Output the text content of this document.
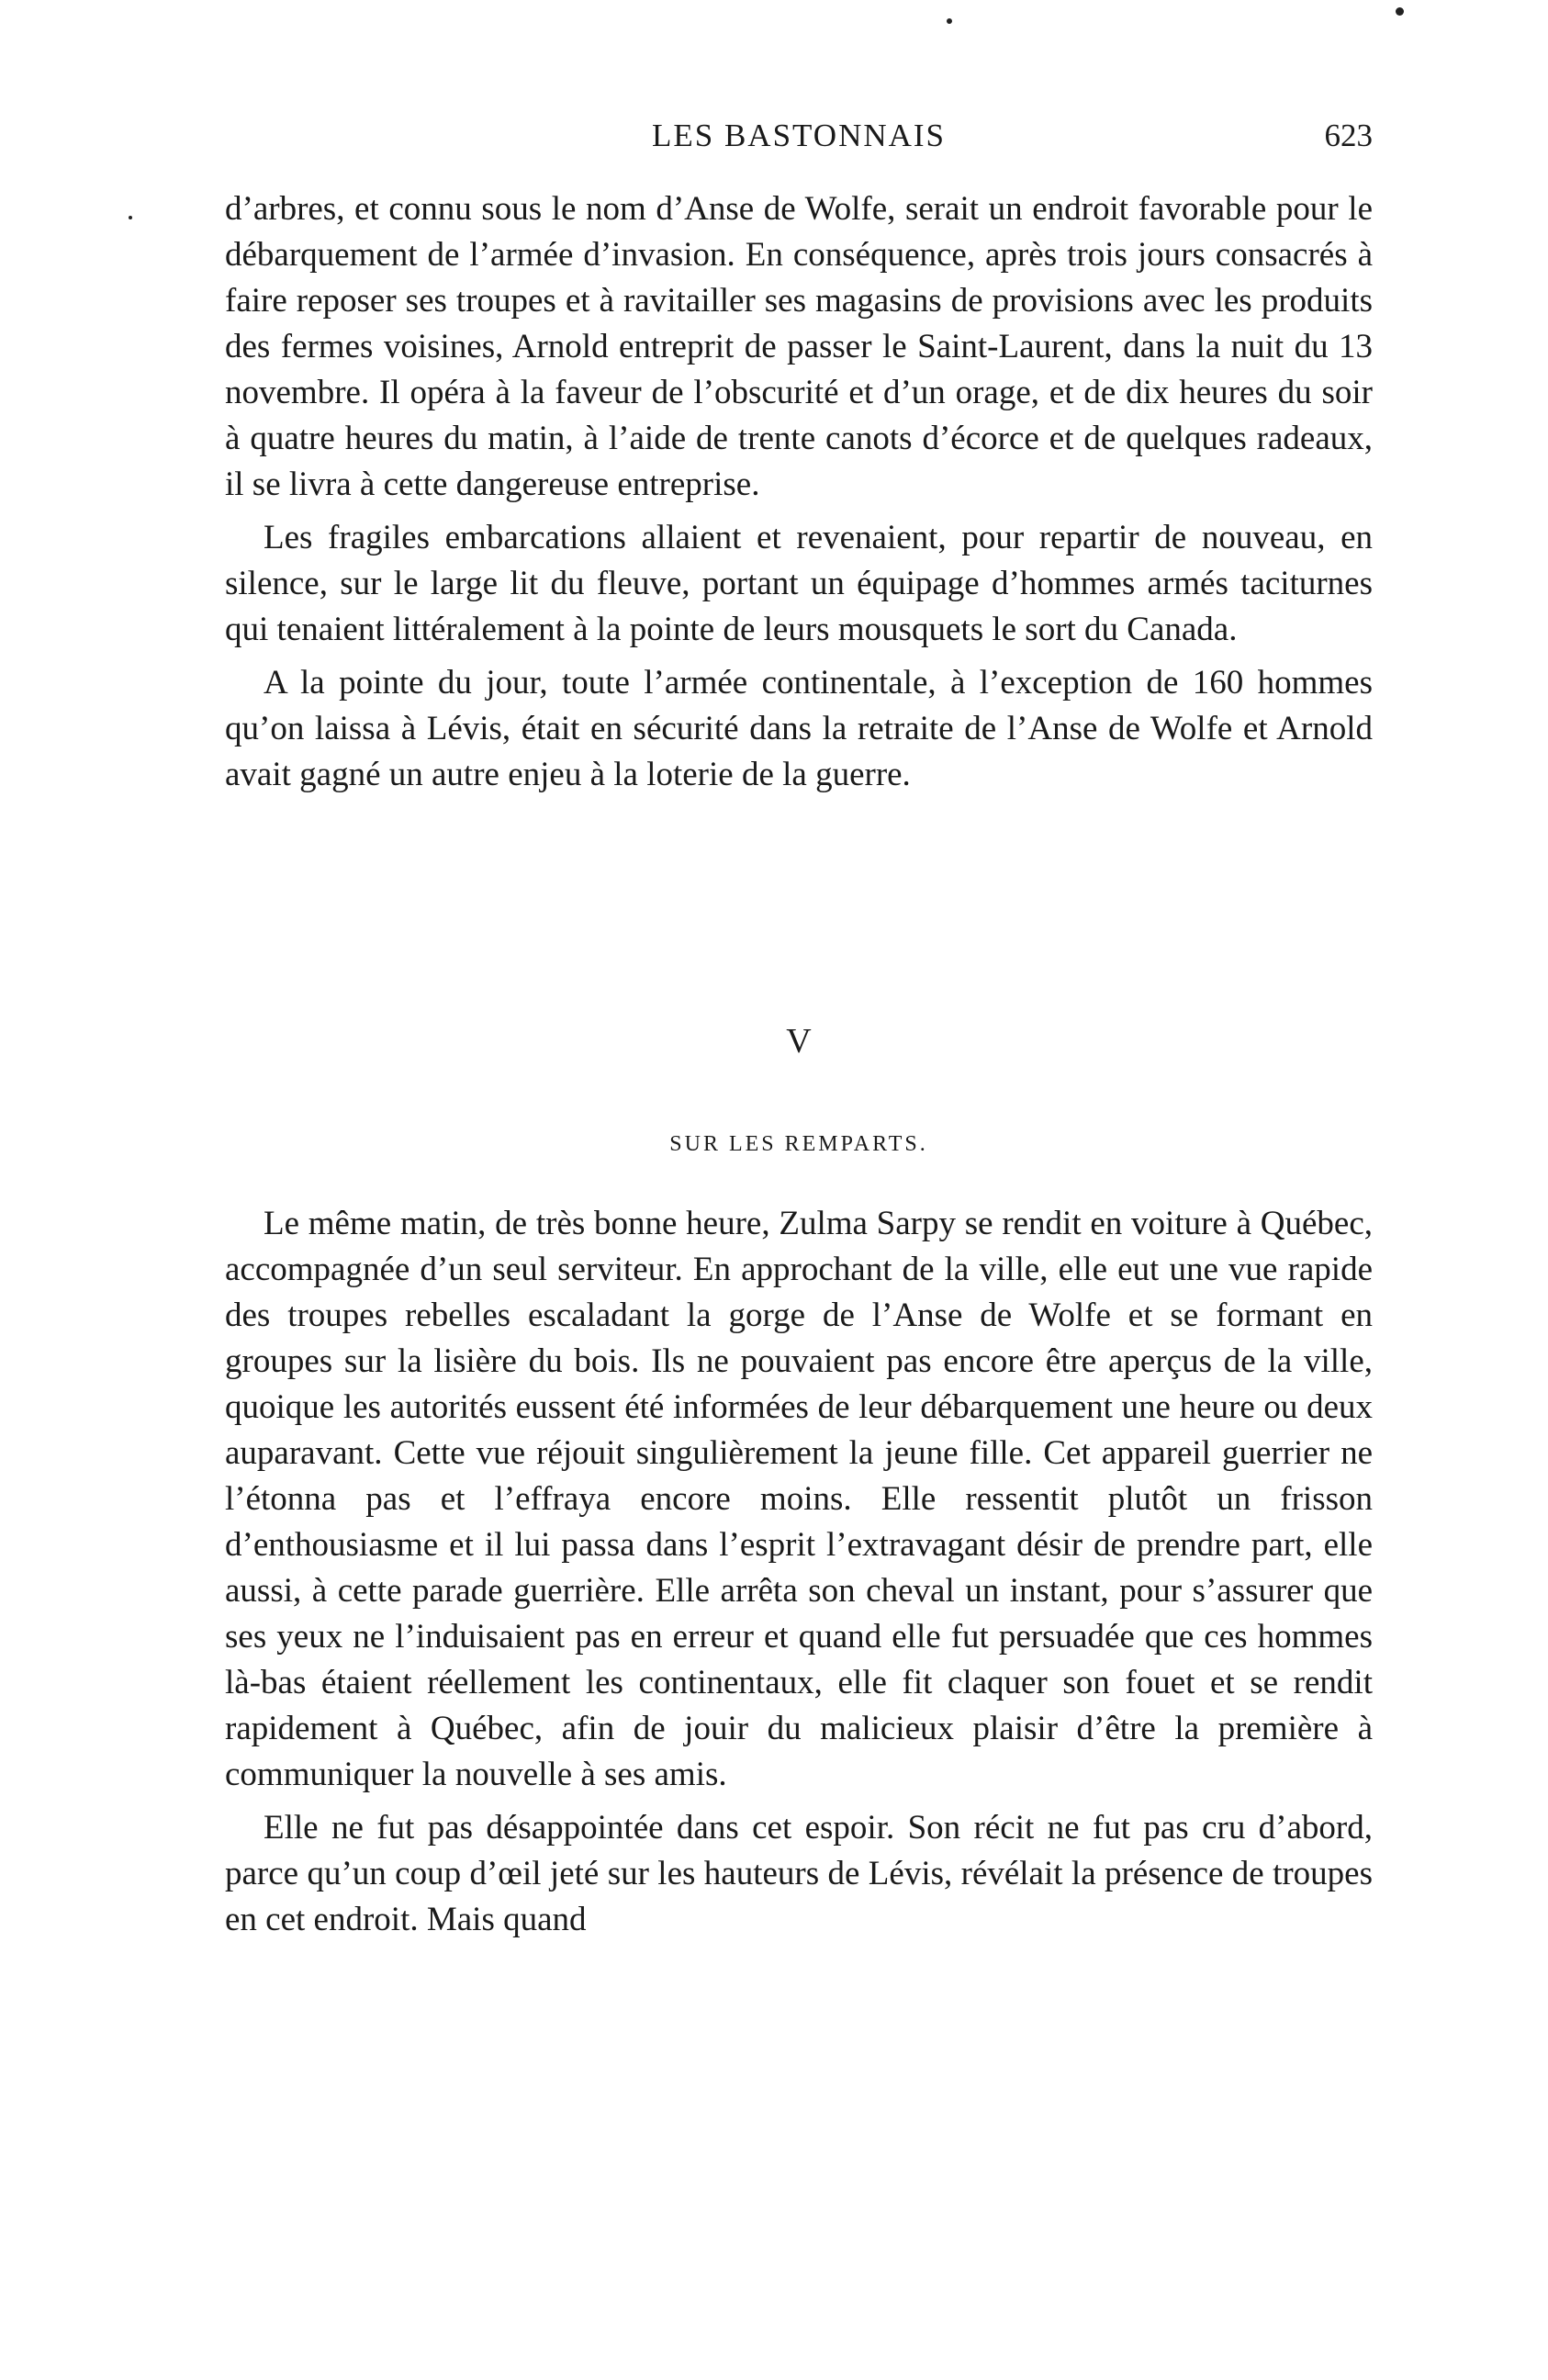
LES BASTONNAIS	623

d’arbres, et connu sous le nom d’Anse de Wolfe, serait un endroit favorable pour le débarquement de l’armée d’invasion. En conséquence, après trois jours consacrés à faire reposer ses troupes et à ravitailler ses magasins de provisions avec les produits des fermes voisines, Arnold entreprit de passer le Saint-Laurent, dans la nuit du 13 novembre. Il opéra à la faveur de l’obscurité et d’un orage, et de dix heures du soir à quatre heures du matin, à l’aide de trente canots d’écorce et de quelques radeaux, il se livra à cette dangereuse entreprise.

Les fragiles embarcations allaient et revenaient, pour repartir de nouveau, en silence, sur le large lit du fleuve, portant un équipage d’hommes armés taciturnes qui tenaient littéralement à la pointe de leurs mousquets le sort du Canada.

A la pointe du jour, toute l’armée continentale, à l’exception de 160 hommes qu’on laissa à Lévis, était en sécurité dans la retraite de l’Anse de Wolfe et Arnold avait gagné un autre enjeu à la loterie de la guerre.

V
SUR LES REMPARTS.

Le même matin, de très bonne heure, Zulma Sarpy se rendit en voiture à Québec, accompagnée d’un seul serviteur. En approchant de la ville, elle eut une vue rapide des troupes rebelles escaladant la gorge de l’Anse de Wolfe et se formant en groupes sur la lisière du bois. Ils ne pouvaient pas encore être aperçus de la ville, quoique les autorités eussent été informées de leur débarquement une heure ou deux auparavant. Cette vue réjouit singulièrement la jeune fille. Cet appareil guerrier ne l’étonna pas et l’effraya encore moins. Elle ressentit plutôt un frisson d’enthousiasme et il lui passa dans l’esprit l’extravagant désir de prendre part, elle aussi, à cette parade guerrière. Elle arrêta son cheval un instant, pour s’assurer que ses yeux ne l’induisaient pas en erreur et quand elle fut persuadée que ces hommes là-bas étaient réellement les continentaux, elle fit claquer son fouet et se rendit rapidement à Québec, afin de jouir du malicieux plaisir d’être la première à communiquer la nouvelle à ses amis.

Elle ne fut pas désappointée dans cet espoir. Son récit ne fut pas cru d’abord, parce qu’un coup d’œil jeté sur les hauteurs de Lévis, révélait la présence de troupes en cet endroit. Mais quand
